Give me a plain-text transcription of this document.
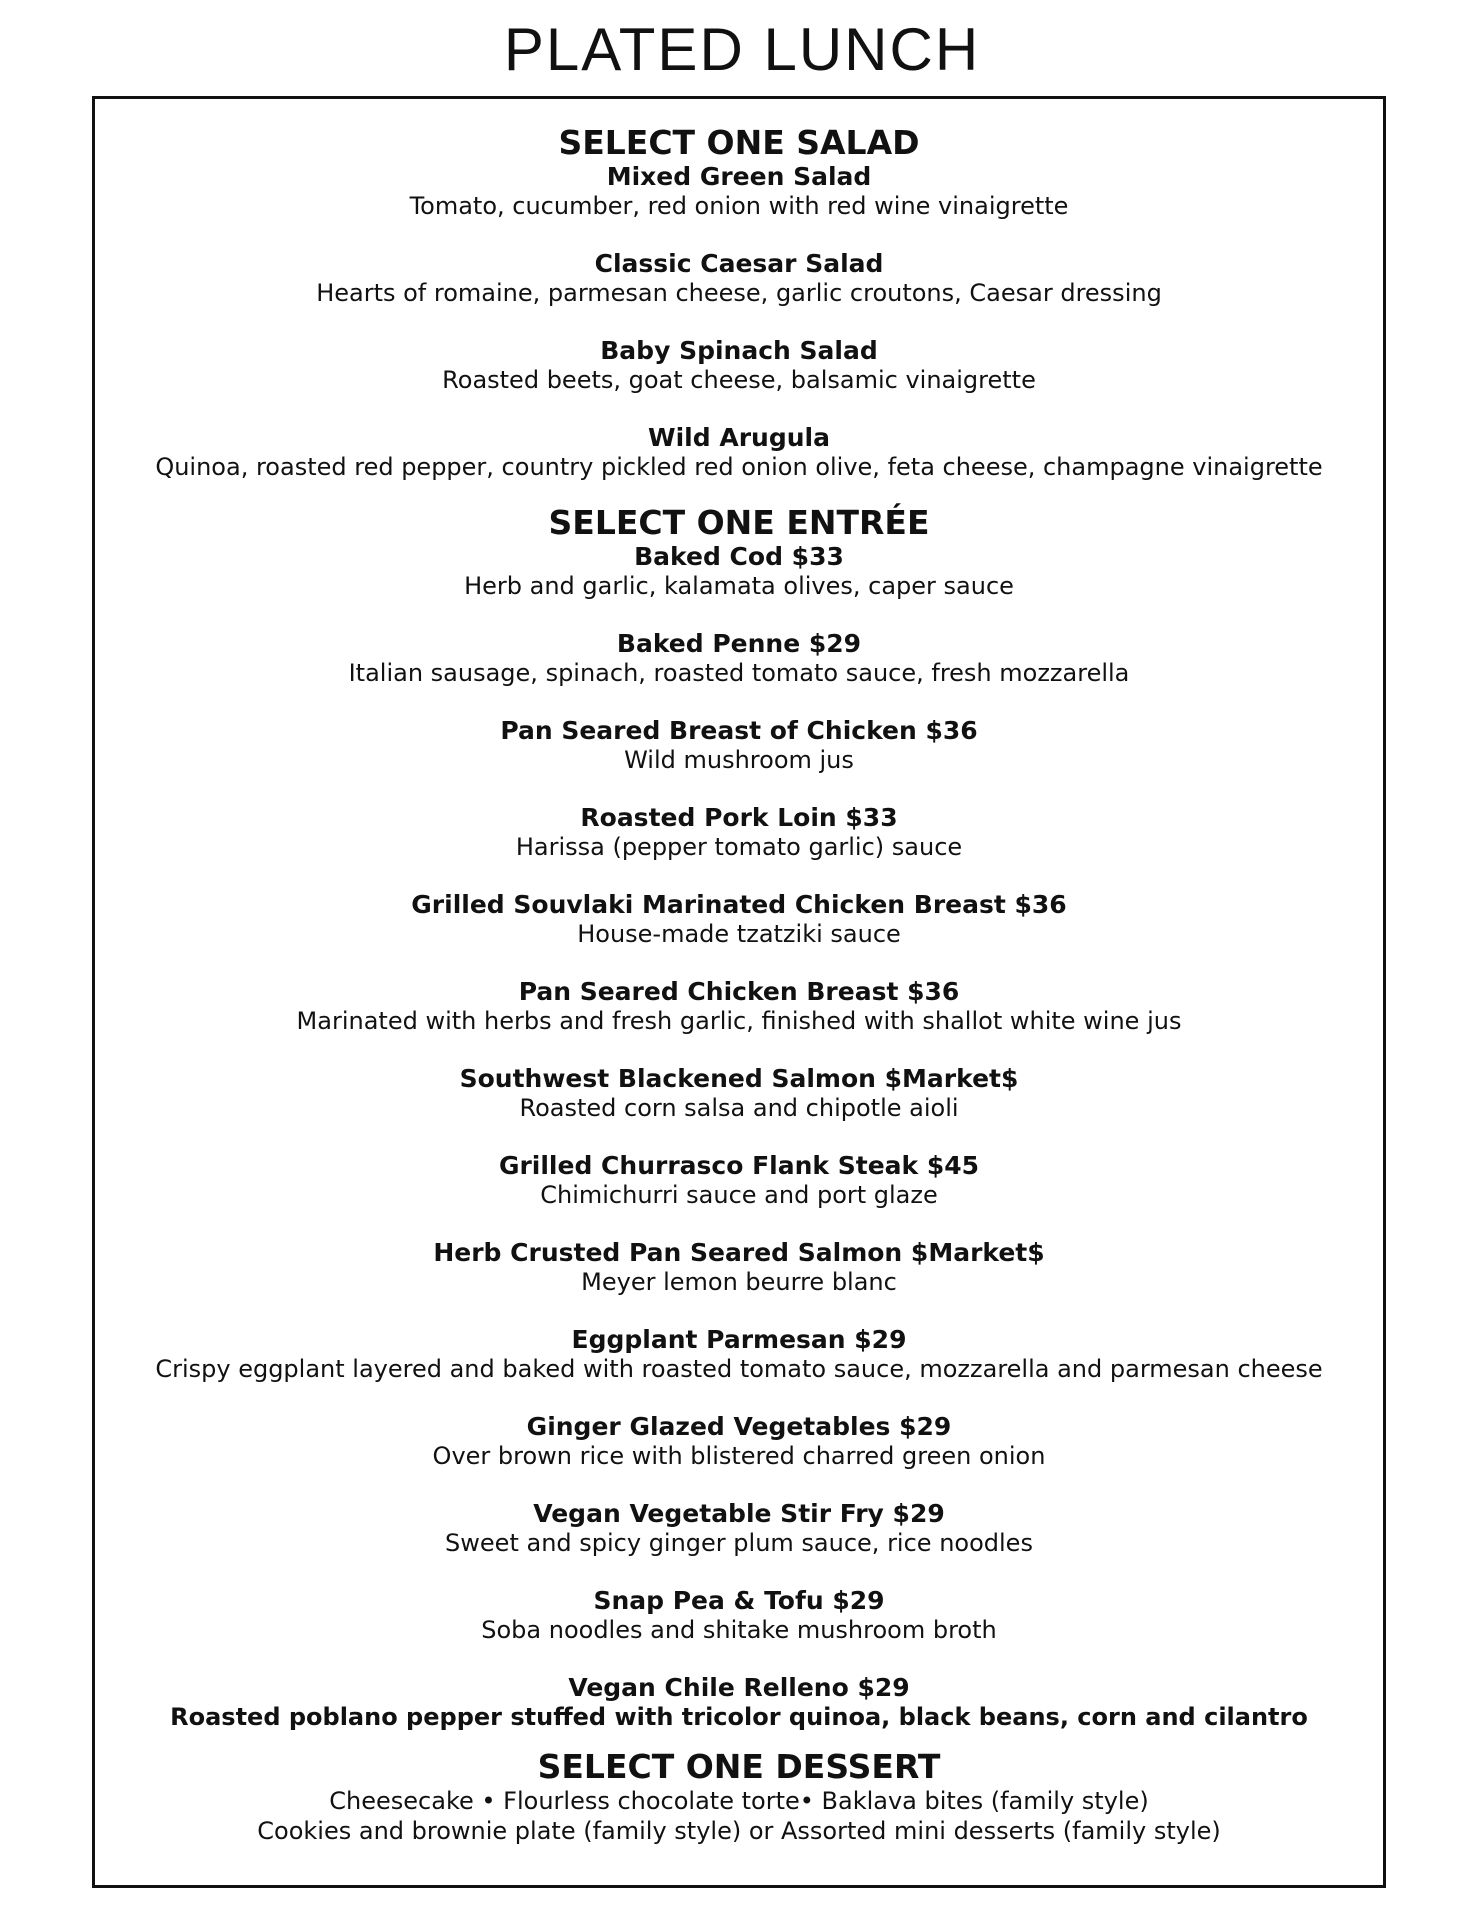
PLATED LUNCH
SELECT ONE SALAD

Mixed Green Salad

Tomato, cucumber, red onion with red wine vinaigrette

Classic Caesar Salad

Hearts of romaine, parmesan cheese, garlic croutons, Caesar dressing

Baby Spinach Salad

Roasted beets, goat cheese, balsamic vinaigrette

Wild Arugula

Quinoa, roasted red pepper, country pickled red onion olive, feta cheese, champagne vinaigrette

SELECT ONE ENTRÉE

Baked Cod $33

Herb and garlic, kalamata olives, caper sauce

Baked Penne $29

Italian sausage, spinach, roasted tomato sauce, fresh mozzarella

Pan Seared Breast of Chicken $36

Wild mushroom jus

Roasted Pork Loin $33

Harissa (pepper tomato garlic) sauce

Grilled Souvlaki Marinated Chicken Breast $36

House-made tzatziki sauce

Pan Seared Chicken Breast $36

Marinated with herbs and fresh garlic, finished with shallot white wine jus

Southwest Blackened Salmon $Market$

Roasted corn salsa and chipotle aioli

Grilled Churrasco Flank Steak $45

Chimichurri sauce and port glaze

Herb Crusted Pan Seared Salmon $Market$

Meyer lemon beurre blanc

Eggplant Parmesan $29

Crispy eggplant layered and baked with roasted tomato sauce, mozzarella and parmesan cheese

Ginger Glazed Vegetables $29

Over brown rice with blistered charred green onion

Vegan Vegetable Stir Fry $29

Sweet and spicy ginger plum sauce, rice noodles

Snap Pea & Tofu $29

Soba noodles and shitake mushroom broth

Vegan Chile Relleno $29

Roasted poblano pepper stuffed with tricolor quinoa, black beans, corn and cilantro

SELECT ONE DESSERT

Cheesecake • Flourless chocolate torte• Baklava bites (family style)

Cookies and brownie plate (family style) or Assorted mini desserts (family style)
